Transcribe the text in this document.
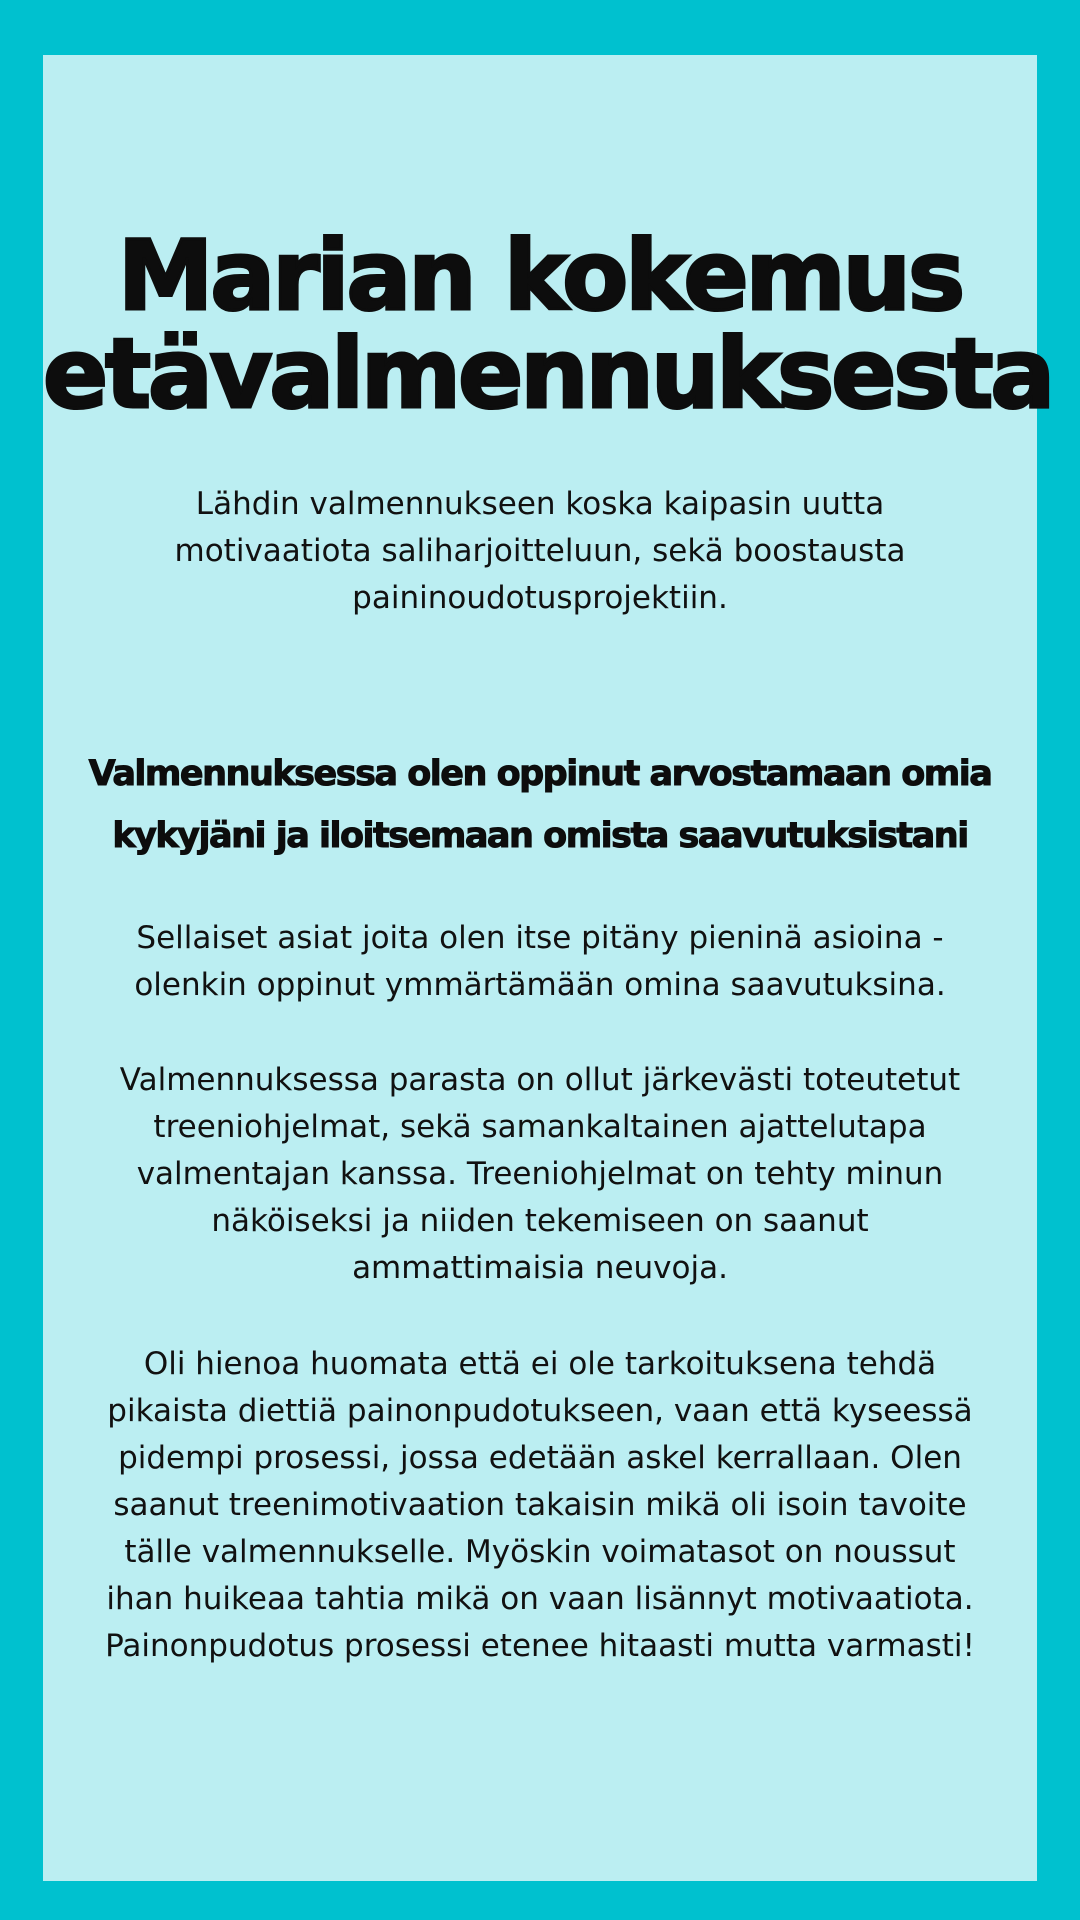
Marian kokemus
etävalmennuksesta

Lähdin valmennukseen koska kaipasin uutta motivaatiota saliharjoitteluun, sekä boostausta paininoudotusprojektiin.

Valmennuksessa olen oppinut arvostamaan omia kykyjäni ja iloitsemaan omista saavutuksistani

Sellaiset asiat joita olen itse pitäny pieninä asioina - olenkin oppinut ymmärtämään omina saavutuksina.

Valmennuksessa parasta on ollut järkevästi toteutetut treeniohjelmat, sekä samankaltainen ajattelutapa valmentajan kanssa. Treeniohjelmat on tehty minun näköiseksi ja niiden tekemiseen on saanut ammattimaisia neuvoja.

Oli hienoa huomata että ei ole tarkoituksena tehdä pikaista diettiä painonpudotukseen, vaan että kyseessä pidempi prosessi, jossa edetään askel kerrallaan. Olen saanut treenimotivaation takaisin mikä oli isoin tavoite tälle valmennukselle. Myöskin voimatasot on noussut ihan huikeaa tahtia mikä on vaan lisännyt motivaatiota. Painonpudotus prosessi etenee hitaasti mutta varmasti!
